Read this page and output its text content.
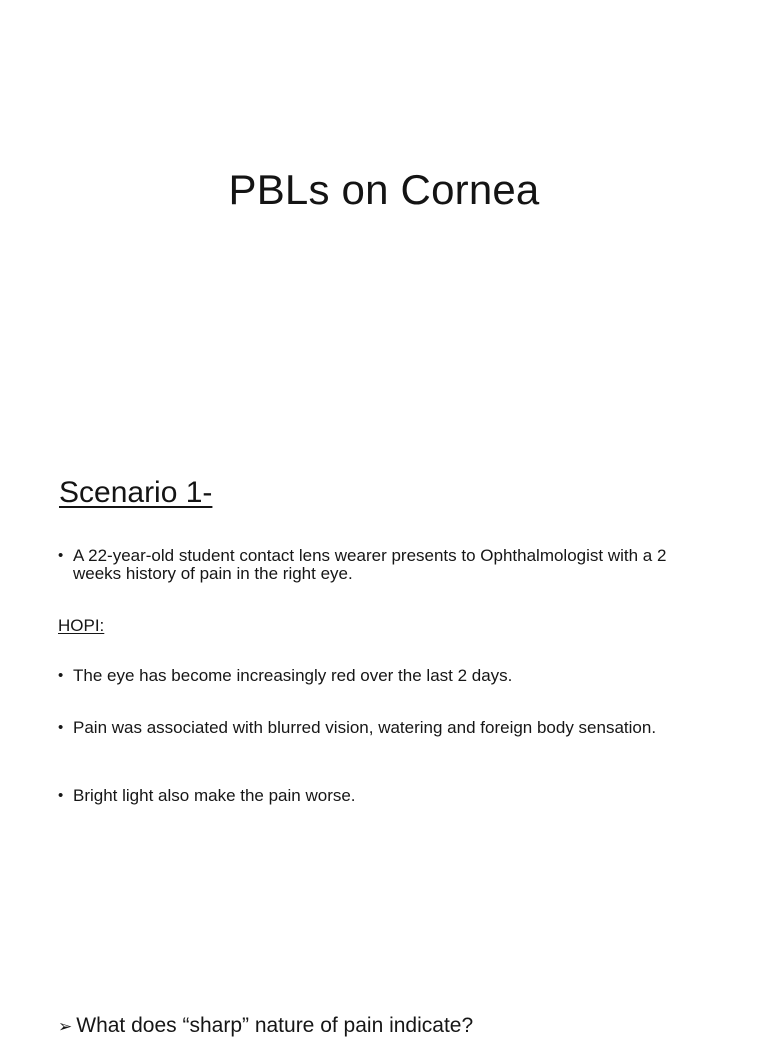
PBLs on Cornea
Scenario 1-
• A 22-year-old student contact lens wearer presents to Ophthalmologist with a 2 weeks history of pain in the right eye.
HOPI:
• The eye has become increasingly red over the last 2 days.
• Pain was associated with blurred vision, watering and foreign body sensation.
• Bright light also make the pain worse.
➢ What does “sharp” nature of pain indicate?
